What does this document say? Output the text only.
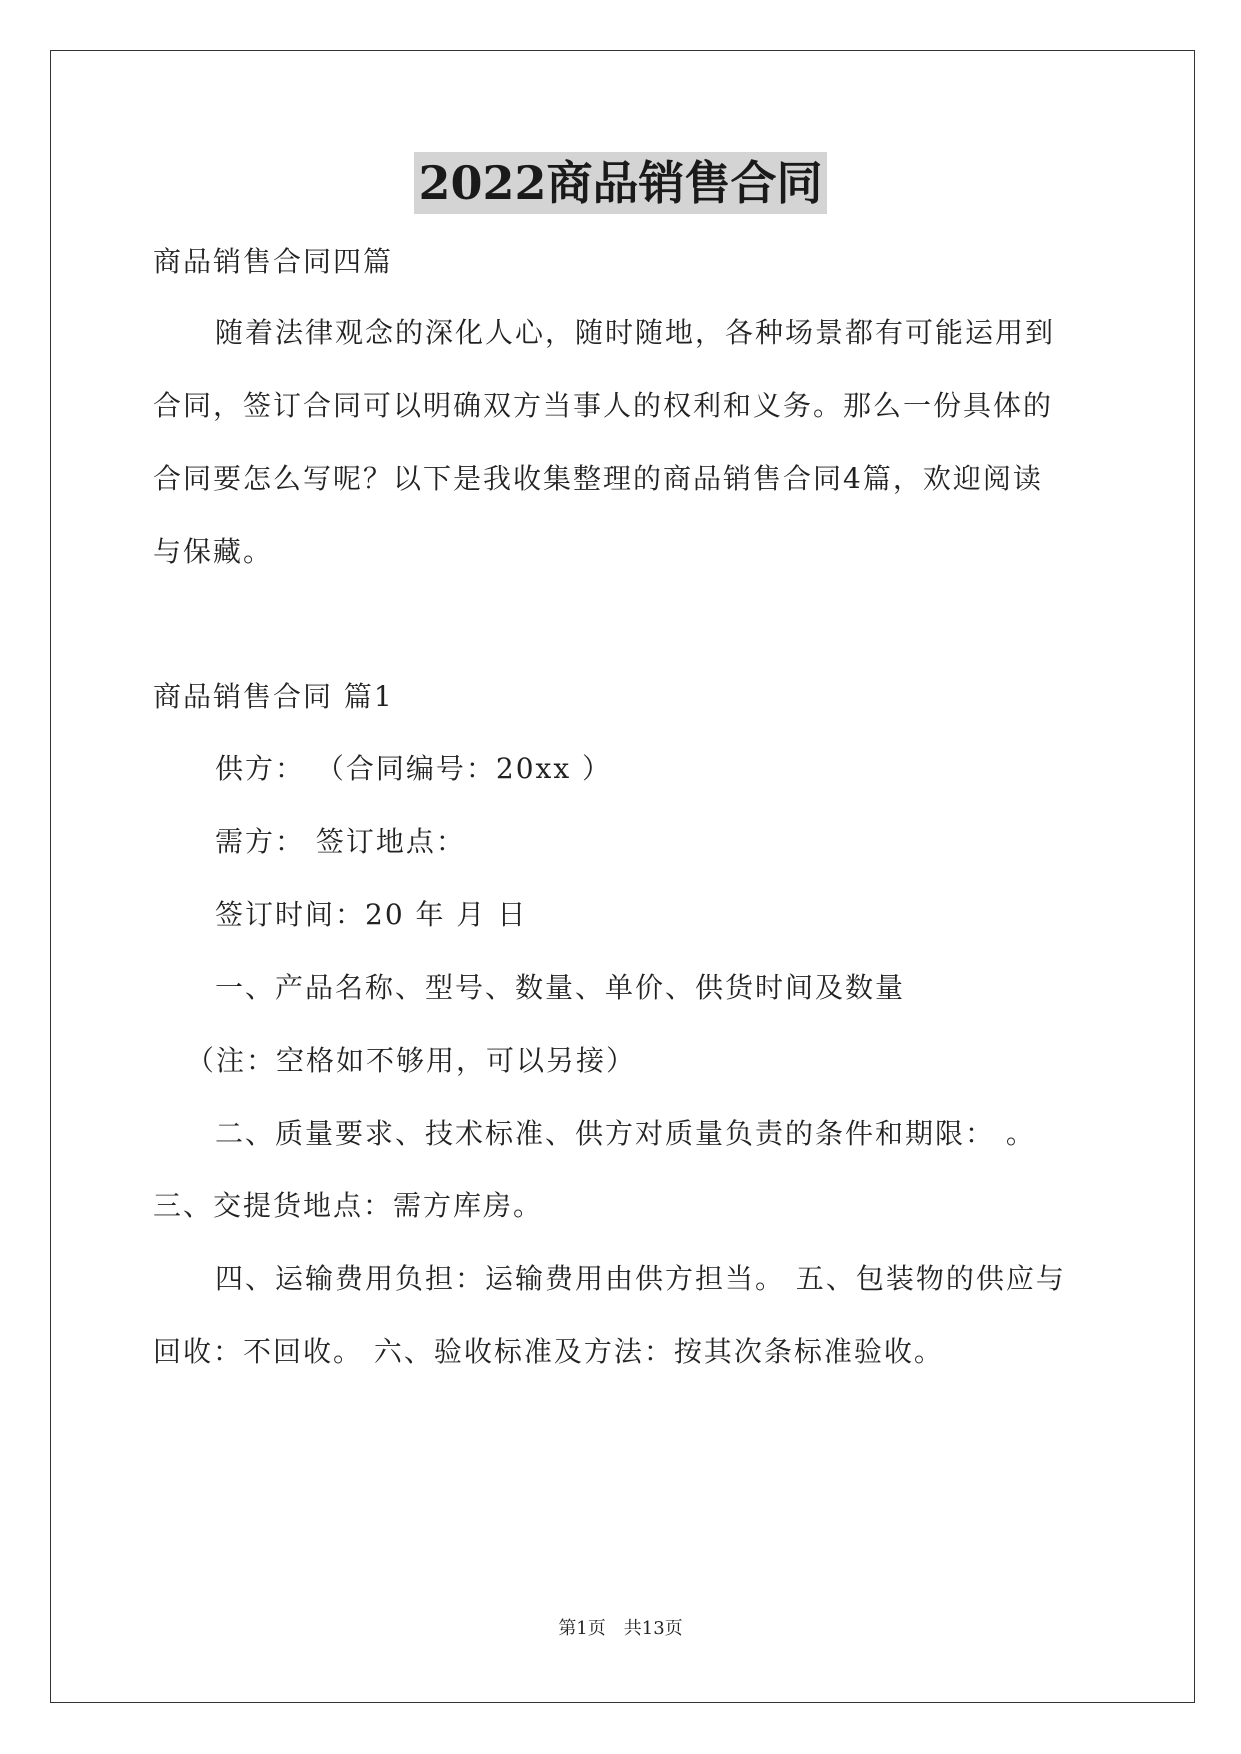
2022商品销售合同
商品销售合同四篇
随着法律观念的深化人心，随时随地，各种场景都有可能运用到
合同，签订合同可以明确双方当事人的权利和义务。那么一份具体的
合同要怎么写呢？以下是我收集整理的商品销售合同4篇，欢迎阅读
与保藏。
商品销售合同 篇1
供方： （合同编号：20xx ）
需方： 签订地点：
签订时间：20 年 月 日
一、产品名称、型号、数量、单价、供货时间及数量
（注：空格如不够用，可以另接）
二、质量要求、技术标准、供方对质量负责的条件和期限： 。
三、交提货地点：需方库房。
四、运输费用负担：运输费用由供方担当。 五、包装物的供应与
回收：不回收。 六、验收标准及方法：按其次条标准验收。
第1页　共13页
